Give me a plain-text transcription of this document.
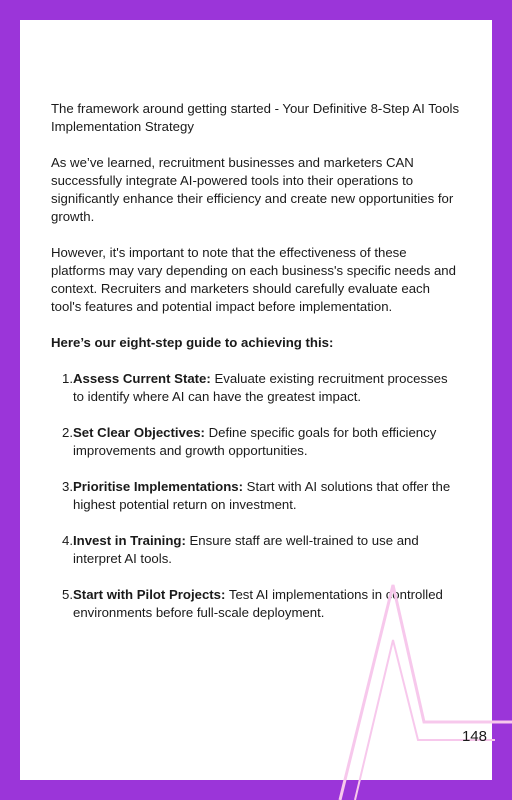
The framework around getting started - Your Definitive 8-Step AI Tools Implementation Strategy

As we’ve learned, recruitment businesses and marketers CAN successfully integrate AI-powered tools into their operations to significantly enhance their efficiency and create new opportunities for growth.

However, it's important to note that the effectiveness of these platforms may vary depending on each business's specific needs and context. Recruiters and marketers should carefully evaluate each tool's features and potential impact before implementation.

Here’s our eight-step guide to achieving this:

1. Assess Current State: Evaluate existing recruitment processes to identify where AI can have the greatest impact.
2. Set Clear Objectives: Define specific goals for both efficiency improvements and growth opportunities.
3. Prioritise Implementations: Start with AI solutions that offer the highest potential return on investment.
4. Invest in Training: Ensure staff are well-trained to use and interpret AI tools.
5. Start with Pilot Projects: Test AI implementations in controlled environments before full-scale deployment.
148
